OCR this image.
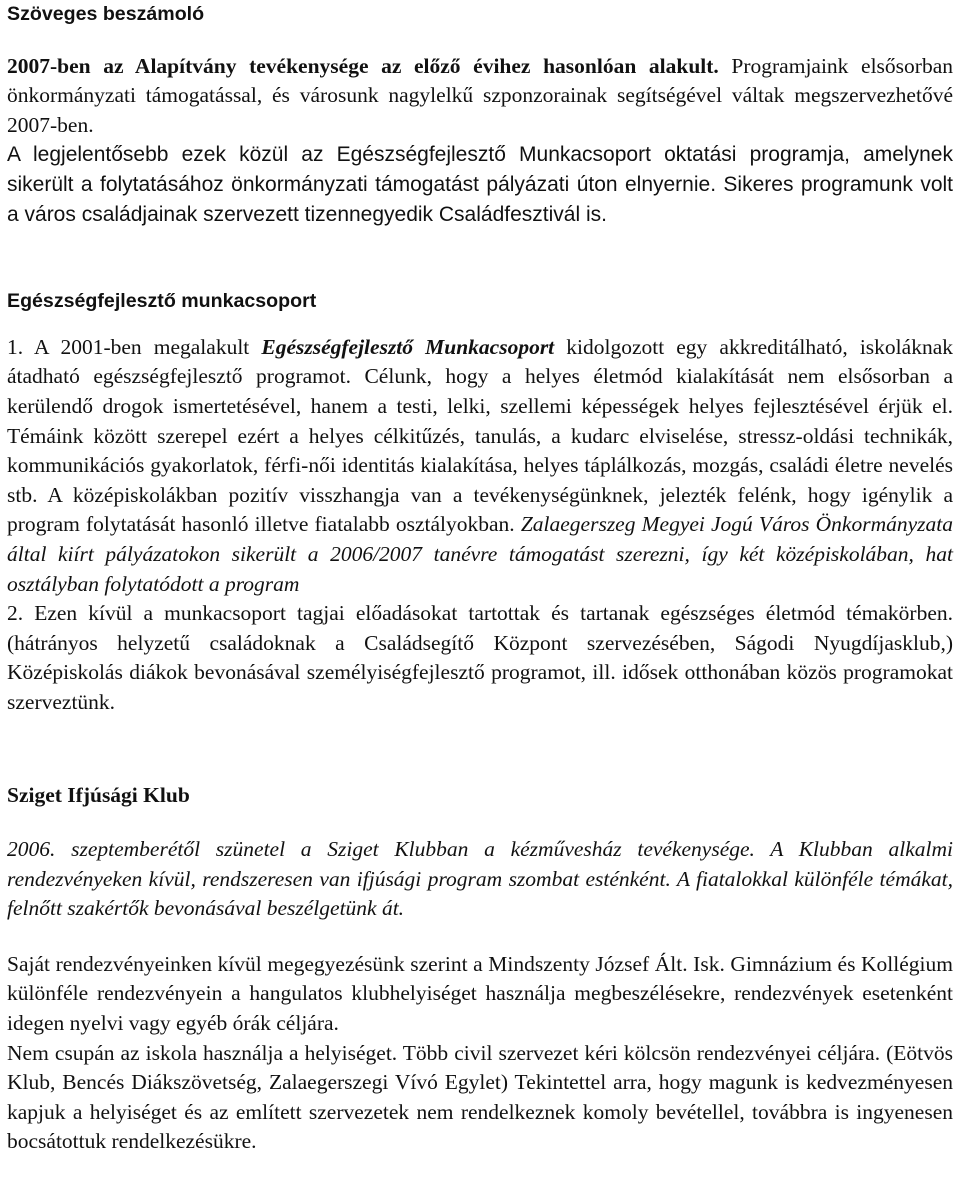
Szöveges beszámoló
2007-ben az Alapítvány tevékenysége az előző évihez hasonlóan alakult. Programjaink elsősorban önkormányzati támogatással, és városunk nagylelkű szponzorainak segítségével váltak megszervezhetővé 2007-ben.
A legjelentősebb ezek közül az Egészségfejlesztő Munkacsoport oktatási programja, amelynek sikerült a folytatásához önkormányzati támogatást pályázati úton elnyernie. Sikeres programunk volt a város családjainak szervezett tizennegyedik Családfesztivál is.
Egészségfejlesztő munkacsoport
1. A 2001-ben megalakult Egészségfejlesztő Munkacsoport kidolgozott egy akkreditálható, iskoláknak átadható egészségfejlesztő programot. Célunk, hogy a helyes életmód kialakítását nem elsősorban a kerülendő drogok ismertetésével, hanem a testi, lelki, szellemi képességek helyes fejlesztésével érjük el. Témáink között szerepel ezért a helyes célkitűzés, tanulás, a kudarc elviselése, stressz-oldási technikák, kommunikációs gyakorlatok, férfi-női identitás kialakítása, helyes táplálkozás, mozgás, családi életre nevelés stb. A középiskolákban pozitív visszhangja van a tevékenységünknek, jelezték felénk, hogy igénylik a program folytatását hasonló illetve fiatalabb osztályokban. Zalaegerszeg Megyei Jogú Város Önkormányzata által kiírt pályázatokon sikerült a 2006/2007 tanévre támogatást szerezni, így két középiskolában, hat osztályban folytatódott a program
2. Ezen kívül a munkacsoport tagjai előadásokat tartottak és tartanak egészséges életmód témakörben. (hátrányos helyzetű családoknak a Családsegítő Központ szervezésében, Ságodi Nyugdíjasklub,) Középiskolás diákok bevonásával személyiségfejlesztő programot, ill. idősek otthonában közös programokat szerveztünk.
Sziget Ifjúsági Klub
2006. szeptemberétől szünetel a Sziget Klubban a kézművesház tevékenysége. A Klubban alkalmi rendezvényeken kívül, rendszeresen van ifjúsági program szombat esténként. A fiatalokkal különféle témákat, felnőtt szakértők bevonásával beszélgetünk át.
Saját rendezvényeinken kívül megegyezésünk szerint a Mindszenty József Ált. Isk. Gimnázium és Kollégium különféle rendezvényein a hangulatos klubhelyiséget használja megbeszélésekre, rendezvények esetenként idegen nyelvi vagy egyéb órák céljára.
Nem csupán az iskola használja a helyiséget. Több civil szervezet kéri kölcsön rendezvényei céljára. (Eötvös Klub, Bencés Diákszövetség, Zalaegerszegi Vívó Egylet) Tekintettel arra, hogy magunk is kedvezményesen kapjuk a helyiséget és az említett szervezetek nem rendelkeznek komoly bevétellel, továbbra is ingyenesen bocsátottuk rendelkezésükre.
